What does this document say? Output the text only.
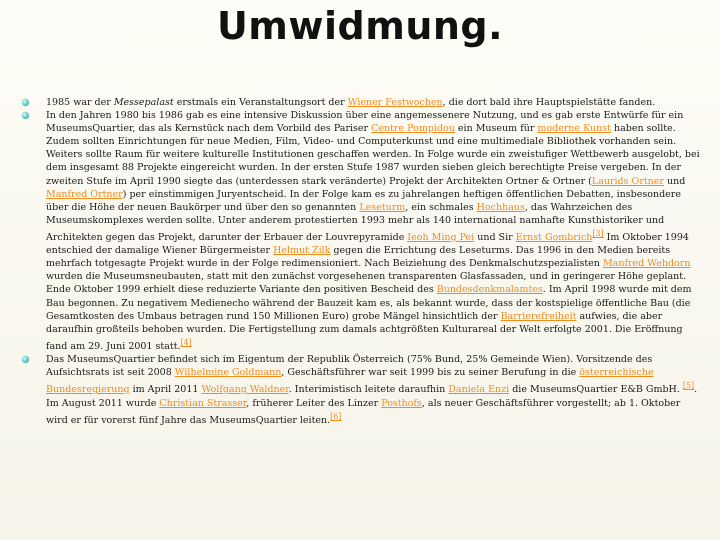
Umwidmung.
1985 war der Messepalast erstmals ein Veranstaltungsort der Wiener Festwochen, die dort bald ihre Hauptspielstätte fanden.
In den Jahren 1980 bis 1986 gab es eine intensive Diskussion über eine angemessenere Nutzung, und es gab erste Entwürfe für ein MuseumsQuartier, das als Kernstück nach dem Vorbild des Pariser Centre Pompidou ein Museum für moderne Kunst haben sollte. Zudem sollten Einrichtungen für neue Medien, Film, Video- und Computerkunst und eine multimediale Bibliothek vorhanden sein. Weiters sollte Raum für weitere kulturelle Institutionen geschaffen werden. In Folge wurde ein zweistufiger Wettbewerb ausgelobt, bei dem insgesamt 88 Projekte eingereicht wurden. In der ersten Stufe 1987 wurden sieben gleich berechtigte Preise vergeben. In der zweiten Stufe im April 1990 siegte das (unterdessen stark veränderte) Projekt der Architekten Ortner & Ortner (Laurids Ortner und Manfred Ortner) per einstimmigen Juryentscheid. In der Folge kam es zu jahrelangen heftigen öffentlichen Debatten, insbesondere über die Höhe der neuen Baukörper und über den so genannten Leseturm, ein schmales Hochhaus, das Wahrzeichen des Museumskomplexes werden sollte. Unter anderem protestierten 1993 mehr als 140 international namhafte Kunsthistoriker und Architekten gegen das Projekt, darunter der Erbauer der Louvrepyramide Ieoh Ming Pei und Sir Ernst Gombrich[3] Im Oktober 1994 entschied der damalige Wiener Bürgermeister Helmut Zilk gegen die Errichtung des Leseturms. Das 1996 in den Medien bereits mehrfach totgesagte Projekt wurde in der Folge redimensioniert. Nach Beiziehung des Denkmalschutzspezialisten Manfred Wehdorn wurden die Museumsneubauten, statt mit den zunächst vorgesehenen transparenten Glasfassaden, und in geringerer Höhe geplant. Ende Oktober 1999 erhielt diese reduzierte Variante den positiven Bescheid des Bundesdenkmalamtes. Im April 1998 wurde mit dem Bau begonnen. Zu negativem Medienecho während der Bauzeit kam es, als bekannt wurde, dass der kostspielige öffentliche Bau (die Gesamtkosten des Umbaus betragen rund 150 Millionen Euro) grobe Mängel hinsichtlich der Barrierefreiheit aufwies, die aber daraufhin großteils behoben wurden. Die Fertigstellung zum damals achtgrößten Kulturareal der Welt erfolgte 2001. Die Eröffnung fand am 29. Juni 2001 statt.[4]
Das MuseumsQuartier befindet sich im Eigentum der Republik Österreich (75% Bund, 25% Gemeinde Wien). Vorsitzende des Aufsichtsrats ist seit 2008 Wilhelmine Goldmann, Geschäftsführer war seit 1999 bis zu seiner Berufung in die österreichische Bundesregierung im April 2011 Wolfgang Waldner. Interimistisch leitete daraufhin Daniela Enzi die MuseumsQuartier E&B GmbH. [5]. Im August 2011 wurde Christian Strasser, früherer Leiter des Linzer Posthofs, als neuer Geschäftsführer vorgestellt; ab 1. Oktober wird er für vorerst fünf Jahre das MuseumsQuartier leiten.[6]
